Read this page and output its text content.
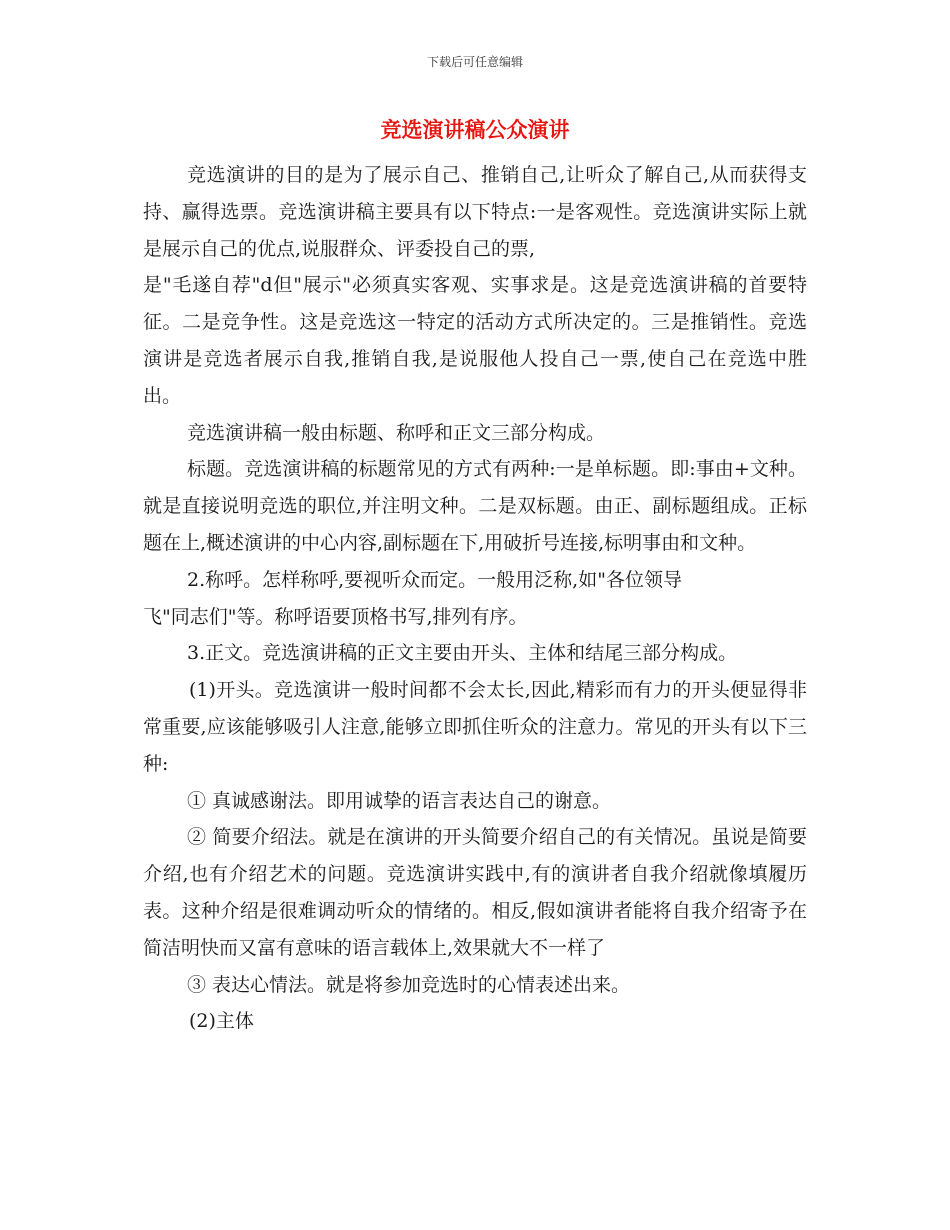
下载后可任意编辑
竞选演讲稿公众演讲

竞选演讲的目的是为了展示自己、推销自己,让听众了解自己,从而获得支持、赢得选票。竞选演讲稿主要具有以下特点:一是客观性。竞选演讲实际上就是展示自己的优点,说服群众、评委投自己的票,

是"毛遂自荐"d但"展示"必须真实客观、实事求是。这是竞选演讲稿的首要特征。二是竞争性。这是竞选这一特定的活动方式所决定的。三是推销性。竞选演讲是竞选者展示自我,推销自我,是说服他人投自己一票,使自己在竞选中胜出。

竞选演讲稿一般由标题、称呼和正文三部分构成。

标题。竞选演讲稿的标题常见的方式有两种:一是单标题。即:事由+文种。就是直接说明竞选的职位,并注明文种。二是双标题。由正、副标题组成。正标题在上,概述演讲的中心内容,副标题在下,用破折号连接,标明事由和文种。

2.称呼。怎样称呼,要视听众而定。一般用泛称,如"各位领导

飞"同志们"等。称呼语要顶格书写,排列有序。

3.正文。竞选演讲稿的正文主要由开头、主体和结尾三部分构成。

(1)开头。竞选演讲一般时间都不会太长,因此,精彩而有力的开头便显得非常重要,应该能够吸引人注意,能够立即抓住听众的注意力。常见的开头有以下三种:

① 真诚感谢法。即用诚挚的语言表达自己的谢意。

② 简要介绍法。就是在演讲的开头简要介绍自己的有关情况。虽说是简要介绍,也有介绍艺术的问题。竞选演讲实践中,有的演讲者自我介绍就像填履历表。这种介绍是很难调动听众的情绪的。相反,假如演讲者能将自我介绍寄予在简洁明快而又富有意味的语言载体上,效果就大不一样了

③ 表达心情法。就是将参加竞选时的心情表述出来。

(2)主体
